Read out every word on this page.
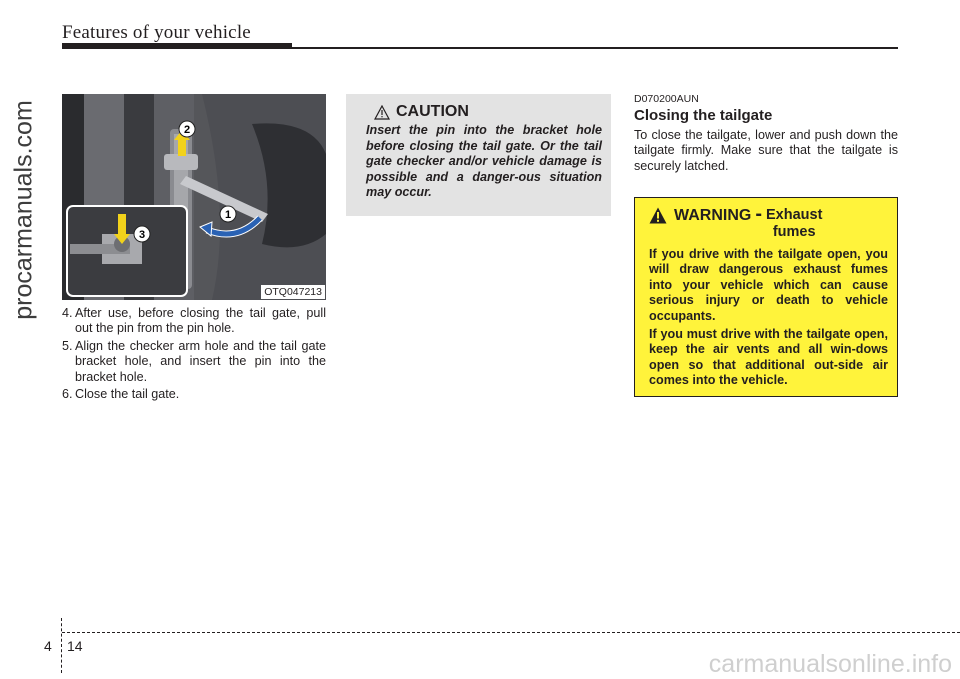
Features of your vehicle
procarmanuals.com	2
1
3
OTQ047213
4. After use, before closing the tail gate, pull out the pin from the pin hole.
5. Align the checker arm hole and the tail gate bracket hole, and insert the pin into the bracket hole.
6. Close the tail gate.
CAUTION
Insert the pin into the bracket hole before closing the tail gate. Or the tail gate checker and/or vehicle damage is possible and a danger-ous situation may occur.
D070200AUN
Closing the tailgate
To close the tailgate, lower and push down the tailgate firmly. Make sure that the tailgate is securely latched.
WARNING - Exhaust
fumes
If you drive with the tailgate open, you will draw dangerous exhaust fumes into your vehicle which can cause serious injury or death to vehicle occupants.
If you must drive with the tailgate open, keep the air vents and all win-dows open so that additional out-side air comes into the vehicle.
4 14
carmanualsonline.info
